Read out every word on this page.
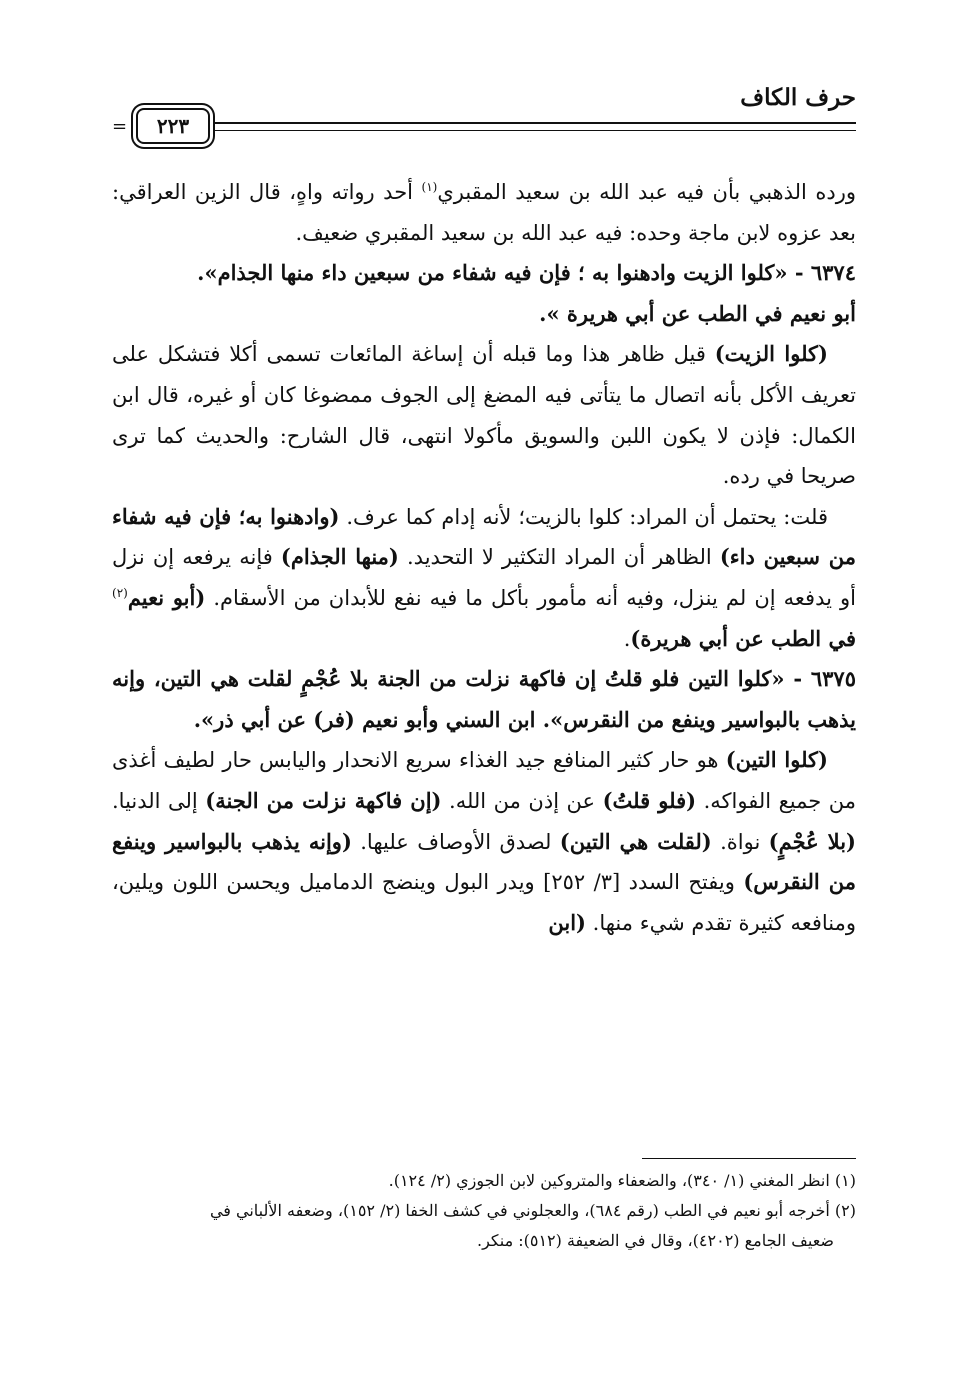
حرف الكاف
=	٢٢٣

ورده الذهبي بأن فيه عبد الله بن سعيد المقبري$^{(١)}$ أحد رواته واهٍ، قال الزين العراقي: بعد عزوه لابن ماجة وحده: فيه عبد الله بن سعيد المقبري ضعيف.

٦٣٧٤ - «كلوا الزيت وادهنوا به ؛ فإن فيه شفاء من سبعين داء منها الجذام».

أبو نعيم في الطب عن أبي هريرة ».

(كلوا الزيت) قيل ظاهر هذا وما قبله أن إساغة المائعات تسمى أكلا فتشكل على تعريف الأكل بأنه اتصال ما يتأتى فيه المضغ إلى الجوف ممضوغا كان أو غيره، قال ابن الكمال: فإذن لا يكون اللبن والسويق مأكولا انتهى، قال الشارح: والحديث كما ترى صريحا في رده.

قلت: يحتمل أن المراد: كلوا بالزيت؛ لأنه إدام كما عرف. (وادهنوا به؛ فإن فيه شفاء من سبعين داء) الظاهر أن المراد التكثير لا التحديد. (منها الجذام) فإنه يرفعه إن نزل أو يدفعه إن لم ينزل، وفيه أنه مأمور بأكل ما فيه نفع للأبدان من الأسقام. (أبو نعيم$^{(٢)}$ في الطب عن أبي هريرة).

٦٣٧٥ - «كلوا التين فلو قلتُ إن فاكهة نزلت من الجنة بلا عُجْمٍ لقلت هي التين، وإنه يذهب بالبواسير وينفع من النقرس». ابن السني وأبو نعيم (فر) عن أبي ذر».

(كلوا التين) هو حار كثير المنافع جيد الغذاء سريع الانحدار واليابس حار لطيف أغذى من جميع الفواكه. (فلو قلتُ) عن إذن من الله. (إن فاكهة نزلت من الجنة) إلى الدنيا. (بلا عُجْمٍ) نواة. (لقلت هي التين) لصدق الأوصاف عليها. (وإنه يذهب بالبواسير وينفع من النقرس) ويفتح السدد [٣/ ٢٥٢] ويدر البول وينضج الدماميل ويحسن اللون ويلين، ومنافعه كثيرة تقدم شيء منها. (ابن

(١) انظر المغني (١/ ٣٤٠)، والضعفاء والمتروكين لابن الجوزي (٢/ ١٢٤).

(٢) أخرجه أبو نعيم في الطب (رقم ٦٨٤)، والعجلوني في كشف الخفا (٢/ ١٥٢)، وضعفه الألباني في

ضعيف الجامع (٤٢٠٢)، وقال في الضعيفة (٥١٢): منكر.
